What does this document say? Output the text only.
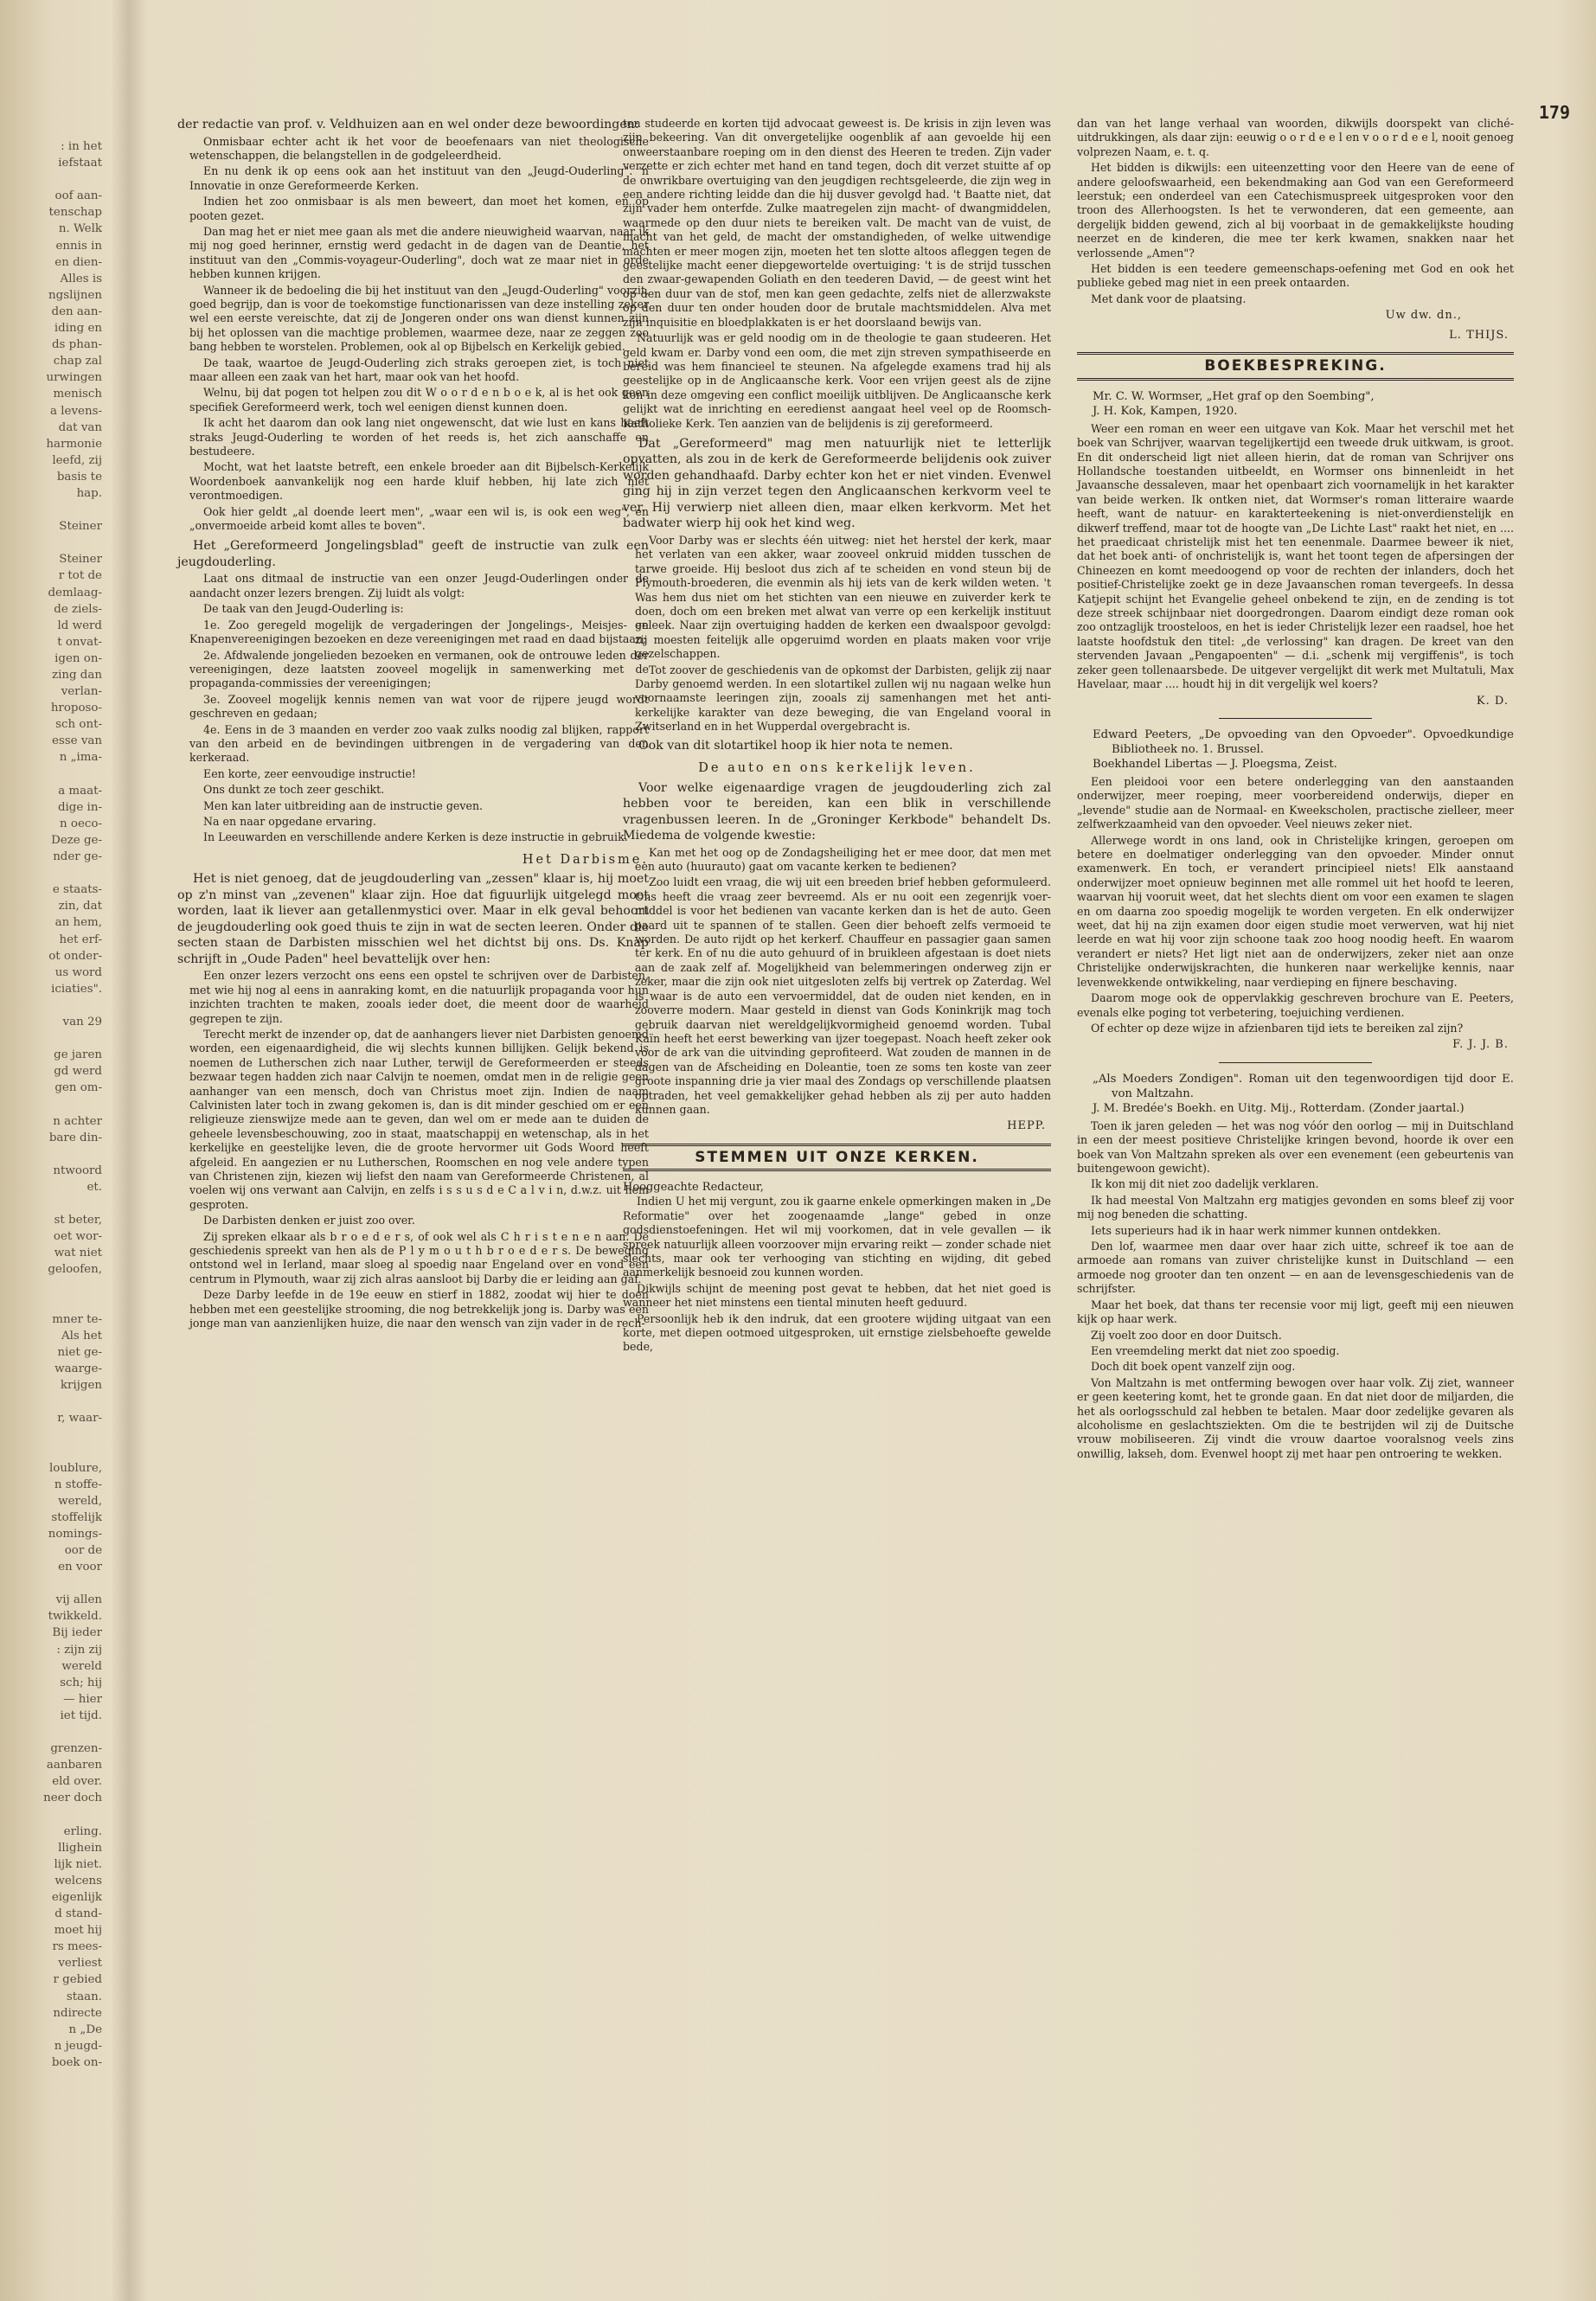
179
: in het
iefstaat
oof aan-
tenschap
n. Welk
ennis in
en dien-
Alles is
ngslijnen
den aan-
iding en
ds phan-
chap zal
urwingen
menisch
a levens-
dat van
harmonie
leefd, zij
basis te
hap.
Steiner
Steiner
r tot de
demlaag-
de ziels-
ld werd
t onvat-
igen on-
zing dan
verlan-
hroposo-
sch ont-
esse van
n „ima-
a maat-
dige in-
n oeco-
Deze ge-
nder ge-
e staats-
zin, dat
an hem,
het erf-
ot onder-
us word
iciaties".
van 29
ge jaren
gd werd
gen om-
n achter
bare din-
ntwoord
et.
st beter,
oet wor-
wat niet
geloofen,
mner te-
Als het
niet ge-
waarge-
krijgen
r, waar-
loublure,
n stoffe-
wereld,
stoffelijk
nomings-
oor de
en voor
vij allen
twikkeld.
Bij ieder
: zijn zij
wereld
sch; hij
— hier
iet tijd.
grenzen-
aanbaren
eld over.
neer doch
erling.
llighein
lijk niet.
welcens
eigenlijk
d stand-
moet hij
rs mees-
verliest
r gebied
staan.
ndirecte
n „De
n jeugd-
boek on-

der redactie van prof. v. Veldhuizen aan en wel onder deze bewoordingen:

Onmisbaar echter acht ik het voor de beoefenaars van niet theologische wetenschappen, die belangstellen in de godgeleerdheid.

En nu denk ik op eens ook aan het instituut van den „Jeugd-Ouderling". 'n Innovatie in onze Gereformeerde Kerken.

Indien het zoo onmisbaar is als men beweert, dan moet het komen, en op pooten gezet.

Dan mag het er niet mee gaan als met die andere nieuwigheid waarvan, naar ik mij nog goed herinner, ernstig werd gedacht in de dagen van de Deantie, het instituut van den „Commis-voyageur-Ouderling", doch wat ze maar niet in orde hebben kunnen krijgen.

Wanneer ik de bedoeling die bij het instituut van den „Jeugd-Ouderling" voorzit, goed begrijp, dan is voor de toekomstige functionarissen van deze instelling zeker wel een eerste vereischte, dat zij de Jongeren onder ons wan dienst kunnen zijn bij het oplossen van die machtige problemen, waarmee deze, naar ze zeggen zoo bang hebben te worstelen. Problemen, ook al op Bijbelsch en Kerkelijk gebied.

De taak, waartoe de Jeugd-Ouderling zich straks geroepen ziet, is toch niet maar alleen een zaak van het hart, maar ook van het hoofd.

Welnu, bij dat pogen tot helpen zou dit W o o r d e n b o e k, al is het ook geen specifiek Gereformeerd werk, toch wel eenigen dienst kunnen doen.

Ik acht het daarom dan ook lang niet ongewenscht, dat wie lust en kans heeft straks Jeugd-Ouderling te worden of het reeds is, het zich aanschaffe en bestudeere.

Mocht, wat het laatste betreft, een enkele broeder aan dit Bijbelsch-Kerkelijk Woordenboek aanvankelijk nog een harde kluif hebben, hij late zich niet verontmoedigen.

Ook hier geldt „al doende leert men", „waar een wil is, is ook een weg", en „onvermoeide arbeid komt alles te boven".

Het „Gereformeerd Jongelingsblad" geeft de instructie van zulk een jeugdouderling.

Laat ons ditmaal de instructie van een onzer Jeugd-Ouderlingen onder de aandacht onzer lezers brengen. Zij luidt als volgt:

De taak van den Jeugd-Ouderling is:

1e. Zoo geregeld mogelijk de vergaderingen der Jongelings-, Meisjes- en Knapenvereenigingen bezoeken en deze vereenigingen met raad en daad bijstaan;

2e. Afdwalende jongelieden bezoeken en vermanen, ook de ontrouwe leden der vereenigingen, deze laatsten zooveel mogelijk in samenwerking met de propaganda-commissies der vereenigingen;

3e. Zooveel mogelijk kennis nemen van wat voor de rijpere jeugd wordt geschreven en gedaan;

4e. Eens in de 3 maanden en verder zoo vaak zulks noodig zal blijken, rapport van den arbeid en de bevindingen uitbrengen in de vergadering van den kerkeraad.

Een korte, zeer eenvoudige instructie!

Ons dunkt ze toch zeer geschikt.

Men kan later uitbreiding aan de instructie geven.

Na en naar opgedane ervaring.

In Leeuwarden en verschillende andere Kerken is deze instructie in gebruik.

Het Darbisme.

Het is niet genoeg, dat de jeugdouderling van „zessen" klaar is, hij moet op z'n minst van „zevenen" klaar zijn. Hoe dat figuurlijk uitgelegd moet worden, laat ik liever aan getallenmystici over. Maar in elk geval behoort de jeugdouderling ook goed thuis te zijn in wat de secten leeren. Onder die secten staan de Darbisten misschien wel het dichtst bij ons. Ds. Knap schrijft in „Oude Paden" heel bevattelijk over hen:

Een onzer lezers verzocht ons eens een opstel te schrijven over de Darbisten, met wie hij nog al eens in aanraking komt, en die natuurlijk propaganda voor hun inzichten trachten te maken, zooals ieder doet, die meent door de waarheid gegrepen te zijn.

Terecht merkt de inzender op, dat de aanhangers liever niet Darbisten genoemd worden, een eigenaardigheid, die wij slechts kunnen billijken. Gelijk bekend is noemen de Lutherschen zich naar Luther, terwijl de Gereformeerden er steeds bezwaar tegen hadden zich naar Calvijn te noemen, omdat men in de religie geen aanhanger van een mensch, doch van Christus moet zijn. Indien de naam Calvinisten later toch in zwang gekomen is, dan is dit minder geschied om er een religieuze zienswijze mede aan te geven, dan wel om er mede aan te duiden de geheele levensbeschouwing, zoo in staat, maatschappij en wetenschap, als in het kerkelijke en geestelijke leven, die de groote hervormer uit Gods Woord heeft afgeleid. En aangezien er nu Lutherschen, Roomschen en nog vele andere typen van Christenen zijn, kiezen wij liefst den naam van Gereformeerde Christenen, al voelen wij ons verwant aan Calvijn, en zelfs i s s u s d e C a l v i n, d.w.z. uit hem gesproten.

De Darbisten denken er juist zoo over.

Zij spreken elkaar als b r o e d e r s, of ook wel als C h r i s t e n e n aan. De geschiedenis spreekt van hen als de P l y m o u t h b r o e d e r s. De beweging ontstond wel in Ierland, maar sloeg al spoedig naar Engeland over en vond een centrum in Plymouth, waar zij zich alras aansloot bij Darby die er leiding aan gaf.

Deze Darby leefde in de 19e eeuw en stierf in 1882, zoodat wij hier te doen hebben met een geestelijke strooming, die nog betrekkelijk jong is. Darby was een jonge man van aanzienlijken huize, die naar den wensch van zijn vader in de rech-

ten studeerde en korten tijd advocaat geweest is. De krisis in zijn leven was zijn bekeering. Van dit onvergetelijke oogenblik af aan gevoelde hij een onweerstaanbare roeping om in den dienst des Heeren te treden. Zijn vader verzette er zich echter met hand en tand tegen, doch dit verzet stuitte af op de onwrikbare overtuiging van den jeugdigen rechtsgeleerde, die zijn weg in een andere richting leidde dan die hij dusver gevolgd had. 't Baatte niet, dat zijn vader hem onterfde. Zulke maatregelen zijn macht- of dwangmiddelen, waarmede op den duur niets te bereiken valt. De macht van de vuist, de macht van het geld, de macht der omstandigheden, of welke uitwendige machten er meer mogen zijn, moeten het ten slotte altoos afleggen tegen de geestelijke macht eener diepgewortelde overtuiging: 't is de strijd tusschen den zwaar-gewapenden Goliath en den teederen David, — de geest wint het op den duur van de stof, men kan geen gedachte, zelfs niet de allerzwakste op den duur ten onder houden door de brutale machtsmiddelen. Alva met zijn inquisitie en bloedplakkaten is er het doorslaand bewijs van.

Natuurlijk was er geld noodig om in de theologie te gaan studeeren. Het geld kwam er. Darby vond een oom, die met zijn streven sympathiseerde en bereid was hem financieel te steunen. Na afgelegde examens trad hij als geestelijke op in de Anglicaansche kerk. Voor een vrijen geest als de zijne kon in deze omgeving een conflict moeilijk uitblijven. De Anglicaansche kerk gelijkt wat de inrichting en eeredienst aangaat heel veel op de Roomsch-Katholieke Kerk. Ten aanzien van de belijdenis is zij gereformeerd.

Dat „Gereformeerd" mag men natuurlijk niet te letterlijk opvatten, als zou in de kerk de Gereformeerde belijdenis ook zuiver worden gehandhaafd. Darby echter kon het er niet vinden. Evenwel ging hij in zijn verzet tegen den Anglicaanschen kerkvorm veel te ver. Hij verwierp niet alleen dien, maar elken kerkvorm. Met het badwater wierp hij ook het kind weg.

Voor Darby was er slechts één uitweg: niet het herstel der kerk, maar het verlaten van een akker, waar zooveel onkruid midden tusschen de tarwe groeide. Hij besloot dus zich af te scheiden en vond steun bij de Plymouth-broederen, die evenmin als hij iets van de kerk wilden weten. 't Was hem dus niet om het stichten van een nieuwe en zuiverder kerk te doen, doch om een breken met alwat van verre op een kerkelijk instituut geleek. Naar zijn overtuiging hadden de kerken een dwaalspoor gevolgd: zij moesten feitelijk alle opgeruimd worden en plaats maken voor vrije gezelschappen.

Tot zoover de geschiedenis van de opkomst der Darbisten, gelijk zij naar Darby genoemd werden. In een slotartikel zullen wij nu nagaan welke hun voornaamste leeringen zijn, zooals zij samenhangen met het anti-kerkelijke karakter van deze beweging, die van Engeland vooral in Zwitserland en in het Wupperdal overgebracht is.

Ook van dit slotartikel hoop ik hier nota te nemen.

De auto en ons kerkelijk leven.

Voor welke eigenaardige vragen de jeugdouderling zich zal hebben voor te bereiden, kan een blik in verschillende vragenbussen leeren. In de „Groninger Kerkbode" behandelt Ds. Miedema de volgende kwestie:

Kan met het oog op de Zondagsheiliging het er mee door, dat men met een auto (huurauto) gaat om vacante kerken te bedienen?

Zoo luidt een vraag, die wij uit een breeden brief hebben geformuleerd. Ons heeft die vraag zeer bevreemd. Als er nu ooit een zegenrijk voer-middel is voor het bedienen van vacante kerken dan is het de auto. Geen paard uit te spannen of te stallen. Geen dier behoeft zelfs vermoeid te worden. De auto rijdt op het kerkerf. Chauffeur en passagier gaan samen ter kerk. En of nu die auto gehuurd of in bruikleen afgestaan is doet niets aan de zaak zelf af. Mogelijkheid van belemmeringen onderweg zijn er zeker, maar die zijn ook niet uitgesloten zelfs bij vertrek op Zaterdag. Wel is waar is de auto een vervoermiddel, dat de ouden niet kenden, en in zooverre modern. Maar gesteld in dienst van Gods Koninkrijk mag toch gebruik daarvan niet wereldgelijkvormigheid genoemd worden. Tubal Kaïn heeft het eerst bewerking van ijzer toegepast. Noach heeft zeker ook voor de ark van die uitvinding geprofiteerd. Wat zouden de mannen in de dagen van de Afscheiding en Doleantie, toen ze soms ten koste van zeer groote inspanning drie ja vier maal des Zondags op verschillende plaatsen optraden, het veel gemakkelijker gehad hebben als zij per auto hadden kunnen gaan.

HEPP.
STEMMEN UIT ONZE KERKEN.
Hooggeachte Redacteur,

Indien U het mij vergunt, zou ik gaarne enkele opmerkingen maken in „De Reformatie" over het zoogenaamde „lange" gebed in onze godsdienstoefeningen. Het wil mij voorkomen, dat in vele gevallen — ik spreek natuurlijk alleen voorzoover mijn ervaring reikt — zonder schade niet slechts, maar ook ter verhooging van stichting en wijding, dit gebed aanmerkelijk besnoeid zou kunnen worden.

Dikwijls schijnt de meening post gevat te hebben, dat het niet goed is wanneer het niet minstens een tiental minuten heeft geduurd.

Persoonlijk heb ik den indruk, dat een grootere wijding uitgaat van een korte, met diepen ootmoed uitgesproken, uit ernstige zielsbehoefte gewelde bede,

dan van het lange verhaal van woorden, dikwijls doorspekt van cliché-uitdrukkingen, als daar zijn: eeuwig o o r d e e l en v o o r d e e l, nooit genoeg volprezen Naam, e. t. q.

Het bidden is dikwijls: een uiteenzetting voor den Heere van de eene of andere geloofswaarheid, een bekendmaking aan God van een Gereformeerd leerstuk; een onderdeel van een Catechismuspreek uitgesproken voor den troon des Allerhoogsten. Is het te verwonderen, dat een gemeente, aan dergelijk bidden gewend, zich al bij voorbaat in de gemakkelijkste houding neerzet en de kinderen, die mee ter kerk kwamen, snakken naar het verlossende „Amen"?

Het bidden is een teedere gemeenschaps-oefening met God en ook het publieke gebed mag niet in een preek ontaarden.

Met dank voor de plaatsing.

Uw dw. dn.,
L. THIJS.
BOEKBESPREKING.
Mr. C. W. Wormser, „Het graf op den Soembing",
J. H. Kok, Kampen, 1920.

Weer een roman en weer een uitgave van Kok. Maar het verschil met het boek van Schrijver, waarvan tegelijkertijd een tweede druk uitkwam, is groot. En dit onderscheid ligt niet alleen hierin, dat de roman van Schrijver ons Hollandsche toestanden uitbeeldt, en Wormser ons binnenleidt in het Javaansche dessaleven, maar het openbaart zich voornamelijk in het karakter van beide werken. Ik ontken niet, dat Wormser's roman litteraire waarde heeft, want de natuur- en karakterteekening is niet-onverdienstelijk en dikwerf treffend, maar tot de hoogte van „De Lichte Last" raakt het niet, en .... het praedicaat christelijk mist het ten eenenmale. Daarmee beweer ik niet, dat het boek anti- of onchristelijk is, want het toont tegen de afpersingen der Chineezen en komt meedoogend op voor de rechten der inlanders, doch het positief-Christelijke zoekt ge in deze Javaanschen roman tevergeefs. In dessa Katjepit schijnt het Evangelie geheel onbekend te zijn, en de zending is tot deze streek schijnbaar niet doorgedrongen. Daarom eindigt deze roman ook zoo ontzaglijk troosteloos, en het is ieder Christelijk lezer een raadsel, hoe het laatste hoofdstuk den titel: „de verlossing" kan dragen. De kreet van den stervenden Javaan „Pengapoenten" — d.i. „schenk mij vergiffenis", is toch zeker geen tollenaarsbede. De uitgever vergelijkt dit werk met Multatuli, Max Havelaar, maar .... houdt hij in dit vergelijk wel koers?

K. D.
Edward Peeters, „De opvoeding van den Opvoeder". Opvoedkundige Bibliotheek no. 1. Brussel.
Boekhandel Libertas — J. Ploegsma, Zeist.

Een pleidooi voor een betere onderlegging van den aanstaanden onderwijzer, meer roeping, meer voorbereidend onderwijs, dieper en „levende" studie aan de Normaal- en Kweekscholen, practische zielleer, meer zelfwerkzaamheid van den opvoeder. Veel nieuws zeker niet.

Allerwege wordt in ons land, ook in Christelijke kringen, geroepen om betere en doelmatiger onderlegging van den opvoeder. Minder onnut examenwerk. En toch, er verandert principieel niets! Elk aanstaand onderwijzer moet opnieuw beginnen met alle rommel uit het hoofd te leeren, waarvan hij vooruit weet, dat het slechts dient om voor een examen te slagen en om daarna zoo spoedig mogelijk te worden vergeten. En elk onderwijzer weet, dat hij na zijn examen door eigen studie moet verwerven, wat hij niet leerde en wat hij voor zijn schoone taak zoo hoog noodig heeft. En waarom verandert er niets? Het ligt niet aan de onderwijzers, zeker niet aan onze Christelijke onderwijskrachten, die hunkeren naar werkelijke kennis, naar levenwekkende ontwikkeling, naar verdieping en fijnere beschaving.

Daarom moge ook de oppervlakkig geschreven brochure van E. Peeters, evenals elke poging tot verbetering, toejuiching verdienen.

Of echter op deze wijze in afzienbaren tijd iets te bereiken zal zijn?

F. J. J. B.
„Als Moeders Zondigen". Roman uit den tegenwoordigen tijd door E. von Maltzahn.
J. M. Bredée's Boekh. en Uitg. Mij., Rotterdam. (Zonder jaartal.)

Toen ik jaren geleden — het was nog vóór den oorlog — mij in Duitschland in een der meest positieve Christelijke kringen bevond, hoorde ik over een boek van Von Maltzahn spreken als over een evenement (een gebeurtenis van buitengewoon gewicht).

Ik kon mij dit niet zoo dadelijk verklaren.

Ik had meestal Von Maltzahn erg matigjes gevonden en soms bleef zij voor mij nog beneden die schatting.

Iets superieurs had ik in haar werk nimmer kunnen ontdekken.

Den lof, waarmee men daar over haar zich uitte, schreef ik toe aan de armoede aan romans van zuiver christelijke kunst in Duitschland — een armoede nog grooter dan ten onzent — en aan de levensgeschiedenis van de schrijfster.

Maar het boek, dat thans ter recensie voor mij ligt, geeft mij een nieuwen kijk op haar werk.

Zij voelt zoo door en door Duitsch.

Een vreemdeling merkt dat niet zoo spoedig.

Doch dit boek opent vanzelf zijn oog.

Von Maltzahn is met ontferming bewogen over haar volk. Zij ziet, wanneer er geen keetering komt, het te gronde gaan. En dat niet door de miljarden, die het als oorlogsschuld zal hebben te betalen. Maar door zedelijke gevaren als alcoholisme en geslachtsziekten. Om die te bestrijden wil zij de Duitsche vrouw mobiliseeren. Zij vindt die vrouw daartoe vooralsnog veels zins onwillig, lakseh, dom. Evenwel hoopt zij met haar pen ontroering te wekken.
